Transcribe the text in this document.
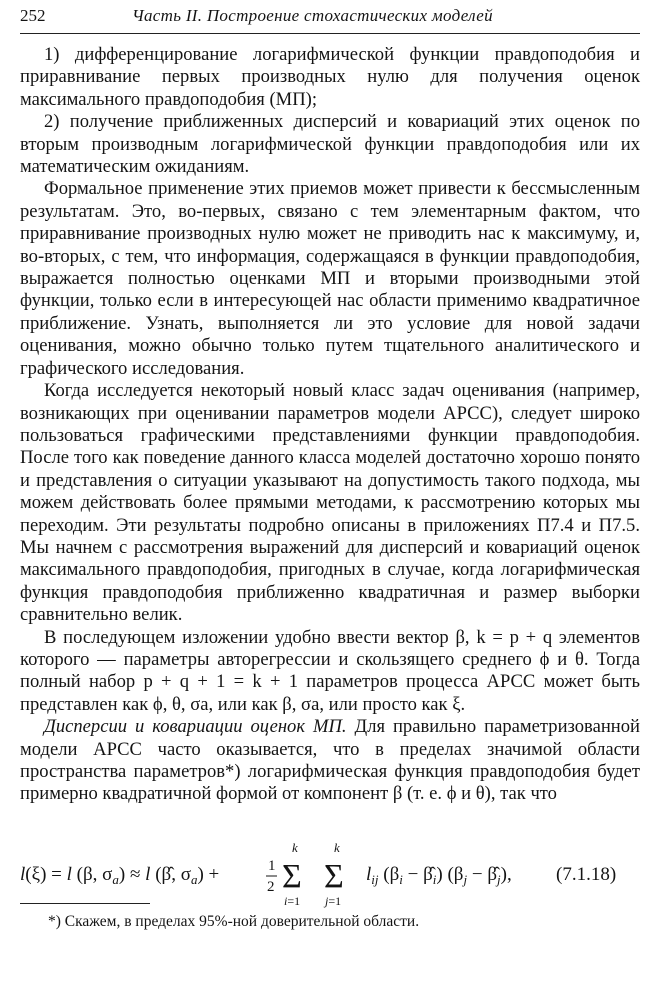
252	Часть II. Построение стохастических моделей

1) дифференцирование логарифмической функции правдоподобия и приравнивание первых производных нулю для получения оценок максимального правдоподобия (МП);

2) получение приближенных дисперсий и ковариаций этих оценок по вторым производным логарифмической функции правдоподобия или их математическим ожиданиям.

Формальное применение этих приемов может привести к бессмысленным результатам. Это, во-первых, связано с тем элементарным фактом, что приравнивание производных нулю может не приводить нас к максимуму, и, во-вторых, с тем, что информация, содержащаяся в функции правдоподобия, выражается полностью оценками МП и вторыми производными этой функции, только если в интересующей нас области применимо квадратичное приближение. Узнать, выполняется ли это условие для новой задачи оценивания, можно обычно только путем тщательного аналитического и графического исследования.

Когда исследуется некоторый новый класс задач оценивания (например, возникающих при оценивании параметров модели АРСС), следует широко пользоваться графическими представлениями функции правдоподобия. После того как поведение данного класса моделей достаточно хорошо понято и представления о ситуации указывают на допустимость такого подхода, мы можем действовать более прямыми методами, к рассмотрению которых мы переходим. Эти результаты подробно описаны в приложениях П7.4 и П7.5. Мы начнем с рассмотрения выражений для дисперсий и ковариаций оценок максимального правдоподобия, пригодных в случае, когда логарифмическая функция правдоподобия приближенно квадратичная и размер выборки сравнительно велик.

В последующем изложении удобно ввести вектор β, k = p + q элементов которого — параметры авторегрессии и скользящего среднего ϕ и θ. Тогда полный набор p + q + 1 = k + 1 параметров процесса АРСС может быть представлен как ϕ, θ, σa, или как β, σa, или просто как ξ.

Дисперсии и ковариации оценок МП. Для правильно параметризованной модели АРСС часто оказывается, что в пределах значимой области пространства параметров*) логарифмическая функция правдоподобия будет примерно квадратичной формой от компонент β (т. е. ϕ и θ), так что

l(ξ) = l (β, $\sigma_a) \approx l$ (β̂, $\sigma_a$) +	1
2
k
Σ
i=1
k
Σ
j=1
$l_{ij}$ ($\beta_i$ − $\betâ_i$) ($\beta_j$ − $\betâ_j$), (7.1.18)
*) Скажем, в пределах 95%-ной доверительной области.
